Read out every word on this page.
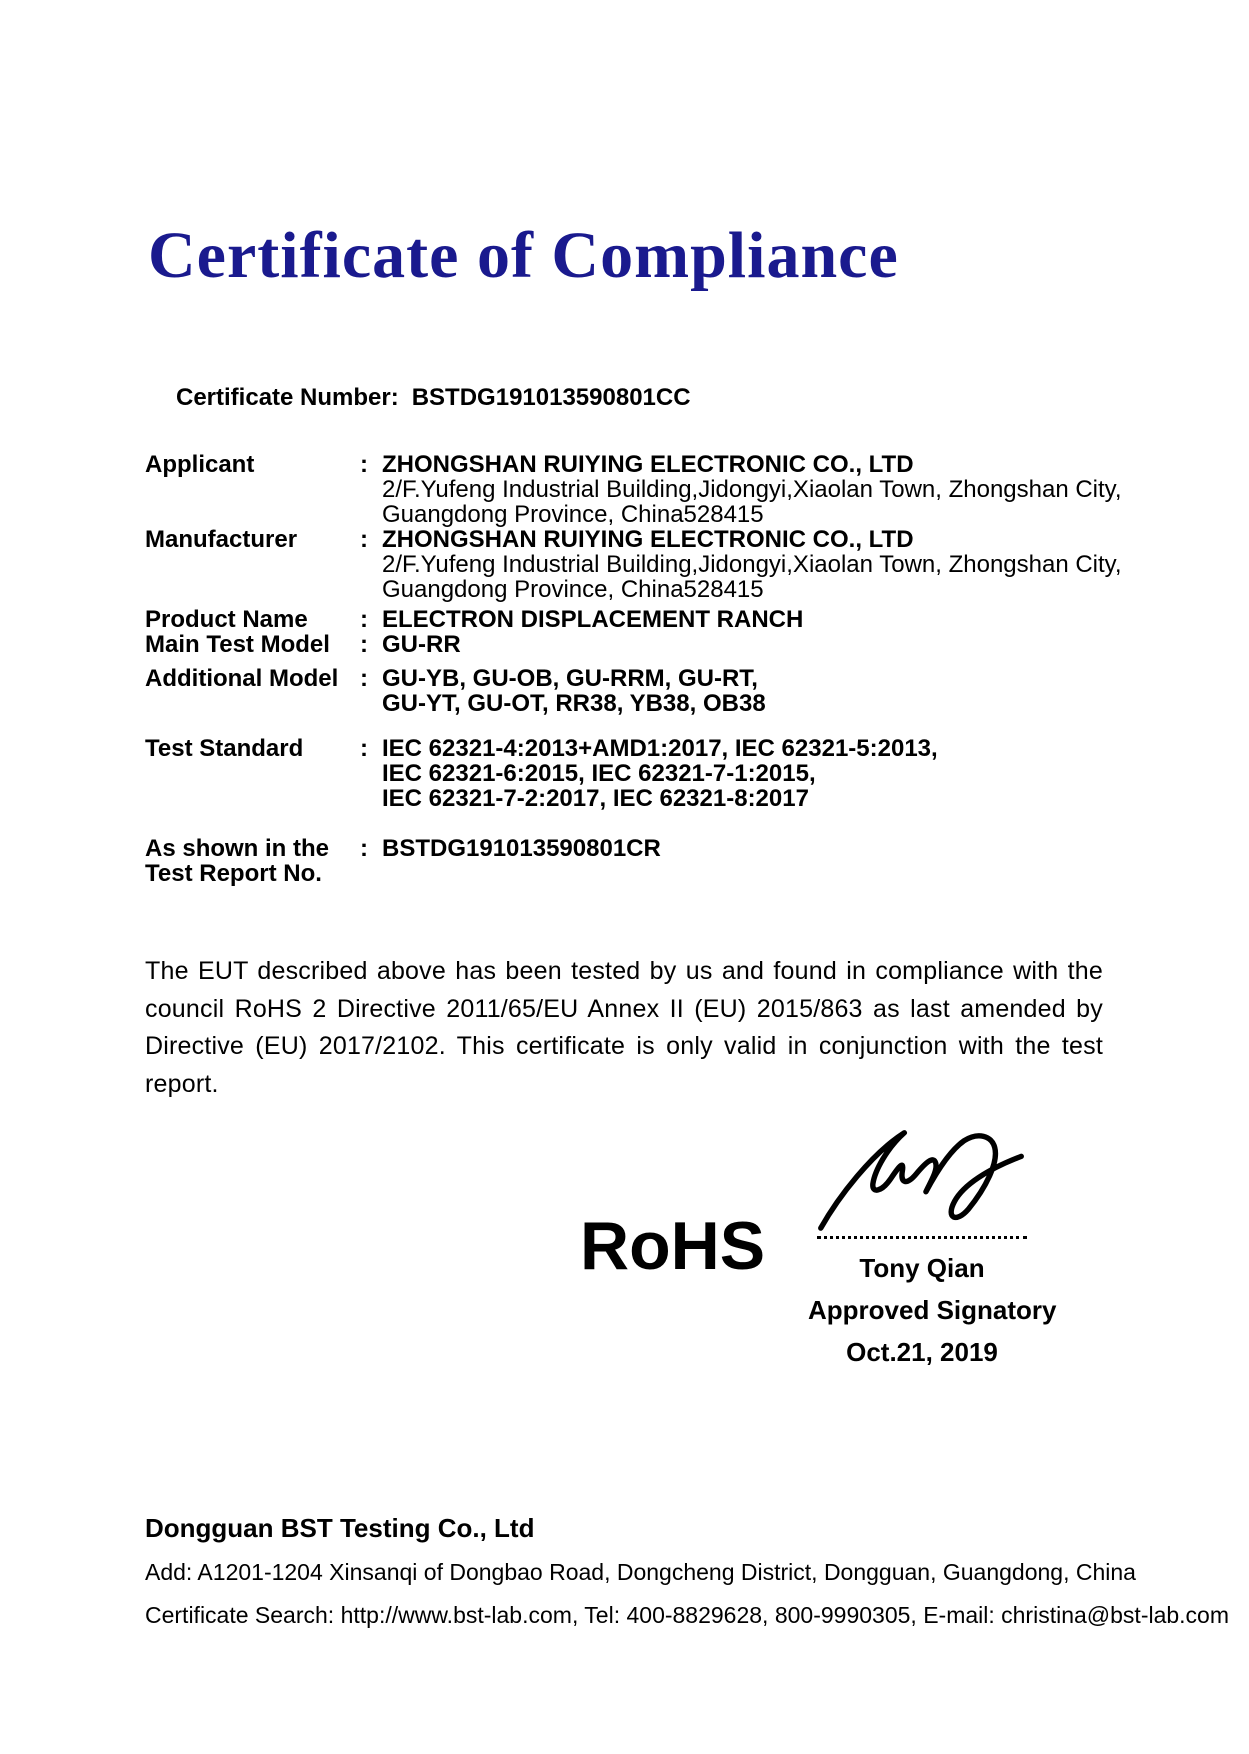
Certificate of Compliance
Certificate Number: BSTDG191013590801CC
Applicant	: ZHONGSHAN RUIYING ELECTRONIC CO., LTD
2/F.Yufeng Industrial Building,Jidongyi,Xiaolan Town, Zhongshan City,
Guangdong Province, China528415
Manufacturer	: ZHONGSHAN RUIYING ELECTRONIC CO., LTD
2/F.Yufeng Industrial Building,Jidongyi,Xiaolan Town, Zhongshan City,
Guangdong Province, China528415
Product Name	: ELECTRON DISPLACEMENT RANCH
Main Test Model	: GU-RR
Additional Model : GU-YB, GU-OB, GU-RRM, GU-RT,
GU-YT, GU-OT, RR38, YB38, OB38
Test Standard	: IEC 62321-4:2013+AMD1:2017, IEC 62321-5:2013,
IEC 62321-6:2015, IEC 62321-7-1:2015,
IEC 62321-7-2:2017, IEC 62321-8:2017
As shown in the
Test Report No.
: BSTDG191013590801CR
The EUT described above has been tested by us and found in compliance with the council RoHS 2 Directive 2011/65/EU Annex II (EU) 2015/863 as last amended by Directive (EU) 2017/2102. This certificate is only valid in conjunction with the test report.
RoHS	Tony Qian
Approved Signatory
Oct.21, 2019
Dongguan BST Testing Co., Ltd
Add: A1201-1204 Xinsanqi of Dongbao Road, Dongcheng District, Dongguan, Guangdong, China
Certificate Search: http://www.bst-lab.com, Tel: 400-8829628, 800-9990305, E-mail: christina@bst-lab.com
